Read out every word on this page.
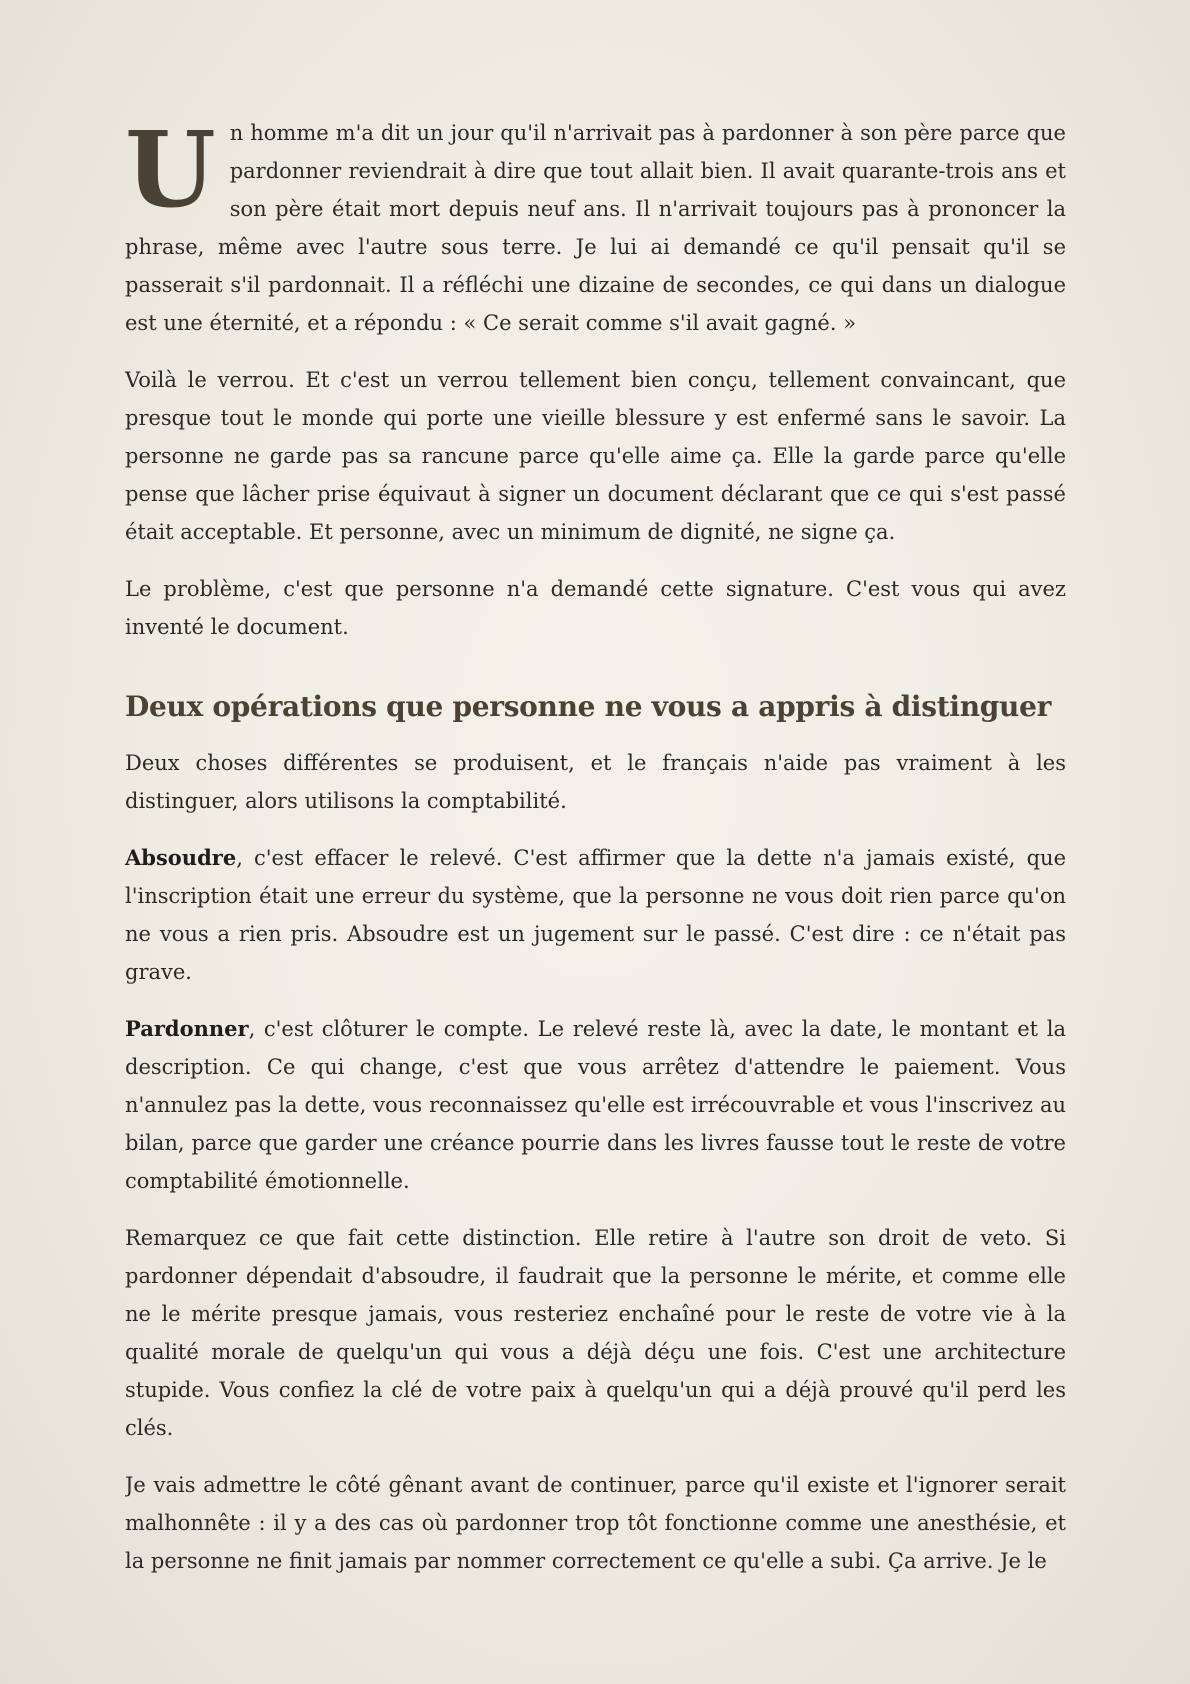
Un homme m'a dit un jour qu'il n'arrivait pas à pardonner à son père parce que pardonner reviendrait à dire que tout allait bien. Il avait quarante-trois ans et son père était mort depuis neuf ans. Il n'arrivait toujours pas à prononcer la phrase, même avec l'autre sous terre. Je lui ai demandé ce qu'il pensait qu'il se passerait s'il pardonnait. Il a réfléchi une dizaine de secondes, ce qui dans un dialogue est une éternité, et a répondu : « Ce serait comme s'il avait gagné. »

Voilà le verrou. Et c'est un verrou tellement bien conçu, tellement convaincant, que presque tout le monde qui porte une vieille blessure y est enfermé sans le savoir. La personne ne garde pas sa rancune parce qu'elle aime ça. Elle la garde parce qu'elle pense que lâcher prise équivaut à signer un document déclarant que ce qui s'est passé était acceptable. Et personne, avec un minimum de dignité, ne signe ça.

Le problème, c'est que personne n'a demandé cette signature. C'est vous qui avez inventé le document.

Deux opérations que personne ne vous a appris à distinguer

Deux choses différentes se produisent, et le français n'aide pas vraiment à les distinguer, alors utilisons la comptabilité.

Absoudre, c'est effacer le relevé. C'est affirmer que la dette n'a jamais existé, que l'inscription était une erreur du système, que la personne ne vous doit rien parce qu'on ne vous a rien pris. Absoudre est un jugement sur le passé. C'est dire : ce n'était pas grave.

Pardonner, c'est clôturer le compte. Le relevé reste là, avec la date, le montant et la description. Ce qui change, c'est que vous arrêtez d'attendre le paiement. Vous n'annulez pas la dette, vous reconnaissez qu'elle est irrécouvrable et vous l'inscrivez au bilan, parce que garder une créance pourrie dans les livres fausse tout le reste de votre comptabilité émotionnelle.

Remarquez ce que fait cette distinction. Elle retire à l'autre son droit de veto. Si pardonner dépendait d'absoudre, il faudrait que la personne le mérite, et comme elle ne le mérite presque jamais, vous resteriez enchaîné pour le reste de votre vie à la qualité morale de quelqu'un qui vous a déjà déçu une fois. C'est une architecture stupide. Vous confiez la clé de votre paix à quelqu'un qui a déjà prouvé qu'il perd les clés.

Je vais admettre le côté gênant avant de continuer, parce qu'il existe et l'ignorer serait malhonnête : il y a des cas où pardonner trop tôt fonctionne comme une anesthésie, et la personne ne finit jamais par nommer correctement ce qu'elle a subi. Ça arrive. Je le
